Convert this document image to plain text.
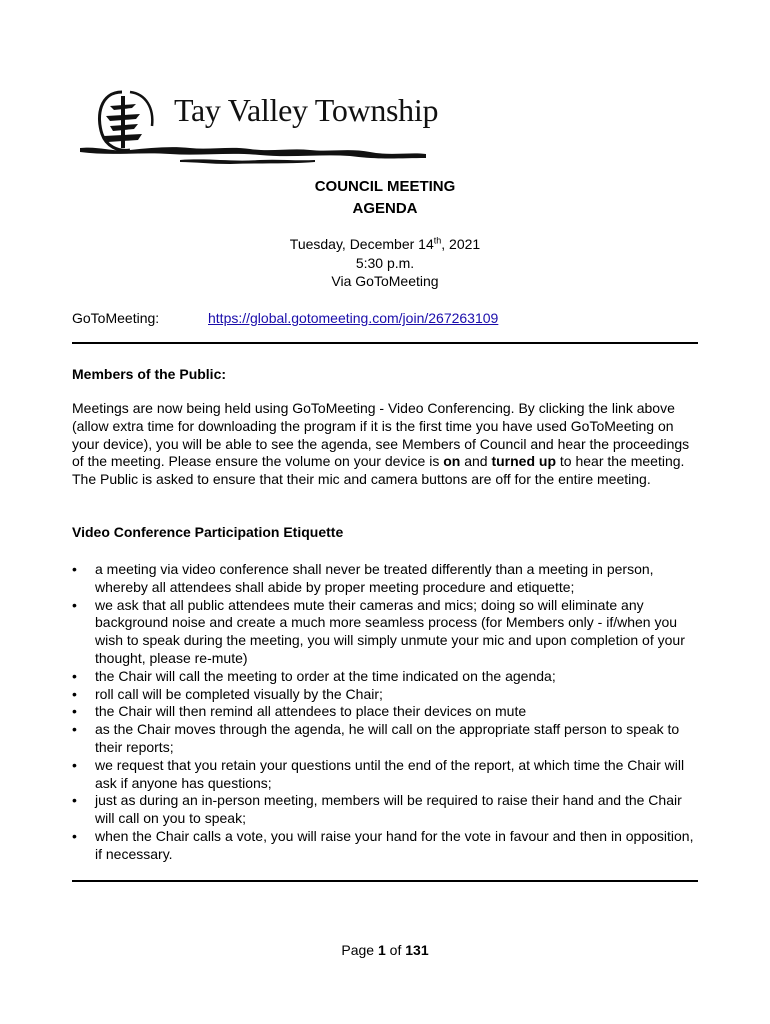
Tay Valley Township
COUNCIL MEETING
AGENDA
Tuesday, December 14th, 2021
5:30 p.m.
Via GoToMeeting
GoToMeeting:	https://global.gotomeeting.com/join/267263109
Members of the Public:
Meetings are now being held using GoToMeeting - Video Conferencing. By clicking the link above (allow extra time for downloading the program if it is the first time you have used GoToMeeting on your device), you will be able to see the agenda, see Members of Council and hear the proceedings of the meeting. Please ensure the volume on your device is on and turned up to hear the meeting. The Public is asked to ensure that their mic and camera buttons are off for the entire meeting.
Video Conference Participation Etiquette
• a meeting via video conference shall never be treated differently than a meeting in person, whereby all attendees shall abide by proper meeting procedure and etiquette;
• we ask that all public attendees mute their cameras and mics; doing so will eliminate any background noise and create a much more seamless process (for Members only - if/when you wish to speak during the meeting, you will simply unmute your mic and upon completion of your thought, please re-mute)
• the Chair will call the meeting to order at the time indicated on the agenda;
• roll call will be completed visually by the Chair;
• the Chair will then remind all attendees to place their devices on mute
• as the Chair moves through the agenda, he will call on the appropriate staff person to speak to their reports;
• we request that you retain your questions until the end of the report, at which time the Chair will ask if anyone has questions;
• just as during an in-person meeting, members will be required to raise their hand and the Chair will call on you to speak;
• when the Chair calls a vote, you will raise your hand for the vote in favour and then in opposition, if necessary.
Page 1 of 131
